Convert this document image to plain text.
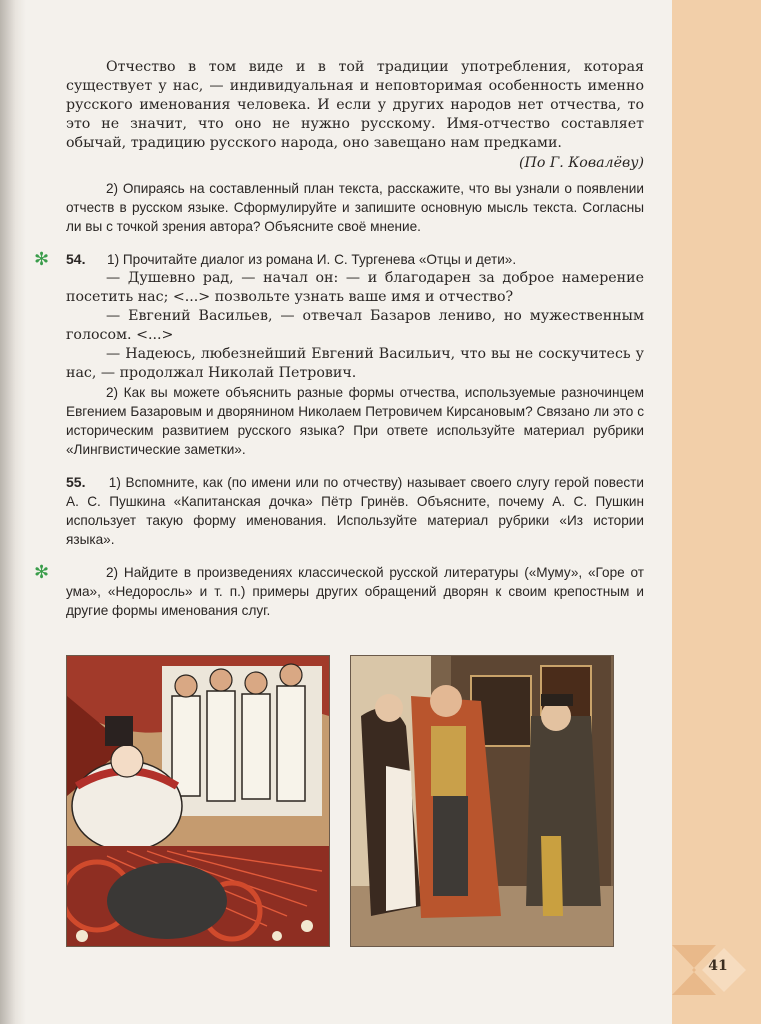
41

Отчество в том виде и в той традиции употребления, которая существует у нас, — индивидуальная и неповторимая особенность именно русского именования человека. И если у других народов нет отчества, то это не значит, что оно не нужно русскому. Имя-отчество составляет обычай, традицию русского народа, оно завещано нам предками.

(По Г. Ковалёву)

2) Опираясь на составленный план текста, расскажите, что вы узнали о появлении отчеств в русском языке. Сформулируйте и запишите основную мысль текста. Согласны ли вы с точкой зрения автора? Объясните своё мнение.

✻ 54. 1) Прочитайте диалог из романа И. С. Тургенева «Отцы и дети».

— Душевно рад, — начал он: — и благодарен за доброе намерение посетить нас; <...> позвольте узнать ваше имя и отчество?

— Евгений Васильев, — отвечал Базаров лениво, но мужественным голосом. <...>

— Надеюсь, любезнейший Евгений Васильич, что вы не соскучитесь у нас, — продолжал Николай Петрович.

2) Как вы можете объяснить разные формы отчества, используемые разночинцем Евгением Базаровым и дворянином Николаем Петровичем Кирсановым? Связано ли это с историческим развитием русского языка? При ответе используйте материал рубрики «Лингвистические заметки».

55. 1) Вспомните, как (по имени или по отчеству) называет своего слугу герой повести А. С. Пушкина «Капитанская дочка» Пётр Гринёв. Объясните, почему А. С. Пушкин использует такую форму именования. Используйте материал рубрики «Из истории языка».

✻	2) Найдите в произведениях классической русской литературы («Муму», «Горе от ума», «Недоросль» и т. п.) примеры других обращений дворян к своим крепостным и другие формы именования слуг.
